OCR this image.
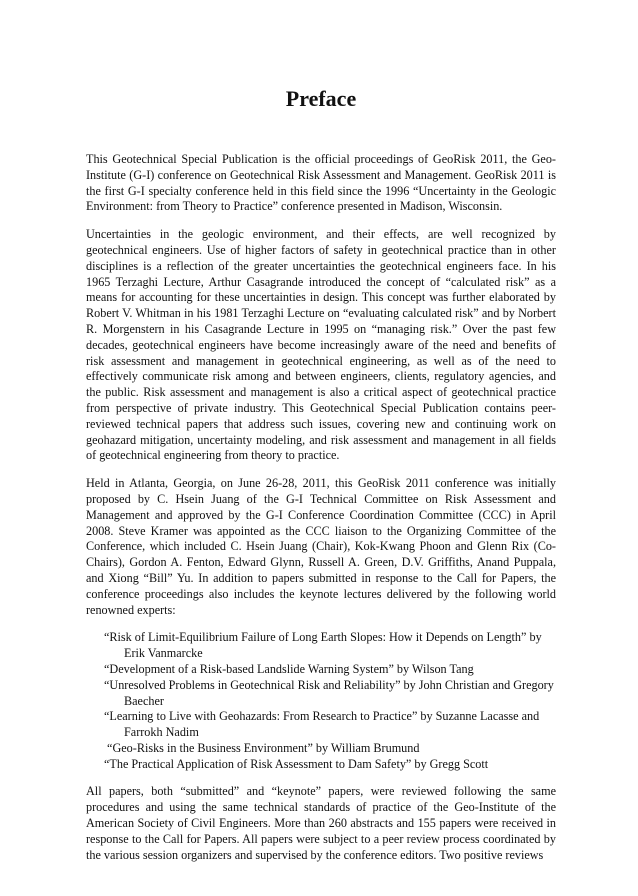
Preface

This Geotechnical Special Publication is the official proceedings of GeoRisk 2011, the Geo-Institute (G-I) conference on Geotechnical Risk Assessment and Management. GeoRisk 2011 is the first G-I specialty conference held in this field since the 1996 “Uncertainty in the Geologic Environment: from Theory to Practice” conference presented in Madison, Wisconsin.

Uncertainties in the geologic environment, and their effects, are well recognized by geotechnical engineers. Use of higher factors of safety in geotechnical practice than in other disciplines is a reflection of the greater uncertainties the geotechnical engineers face. In his 1965 Terzaghi Lecture, Arthur Casagrande introduced the concept of “calculated risk” as a means for accounting for these uncertainties in design. This concept was further elaborated by Robert V. Whitman in his 1981 Terzaghi Lecture on “evaluating calculated risk” and by Norbert R. Morgenstern in his Casagrande Lecture in 1995 on “managing risk.” Over the past few decades, geotechnical engineers have become increasingly aware of the need and benefits of risk assessment and management in geotechnical engineering, as well as of the need to effectively communicate risk among and between engineers, clients, regulatory agencies, and the public. Risk assessment and management is also a critical aspect of geotechnical practice from perspective of private industry. This Geotechnical Special Publication contains peer-reviewed technical papers that address such issues, covering new and continuing work on geohazard mitigation, uncertainty modeling, and risk assessment and management in all fields of geotechnical engineering from theory to practice.

Held in Atlanta, Georgia, on June 26-28, 2011, this GeoRisk 2011 conference was initially proposed by C. Hsein Juang of the G-I Technical Committee on Risk Assessment and Management and approved by the G-I Conference Coordination Committee (CCC) in April 2008. Steve Kramer was appointed as the CCC liaison to the Organizing Committee of the Conference, which included C. Hsein Juang (Chair), Kok-Kwang Phoon and Glenn Rix (Co-Chairs), Gordon A. Fenton, Edward Glynn, Russell A. Green, D.V. Griffiths, Anand Puppala, and Xiong “Bill” Yu. In addition to papers submitted in response to the Call for Papers, the conference proceedings also includes the keynote lectures delivered by the following world renowned experts:

“Risk of Limit-Equilibrium Failure of Long Earth Slopes: How it Depends on Length” by Erik Vanmarcke
“Development of a Risk-based Landslide Warning System” by Wilson Tang
“Unresolved Problems in Geotechnical Risk and Reliability” by John Christian and Gregory Baecher
“Learning to Live with Geohazards: From Research to Practice” by Suzanne Lacasse and Farrokh Nadim
“Geo-Risks in the Business Environment” by William Brumund
“The Practical Application of Risk Assessment to Dam Safety” by Gregg Scott

All papers, both “submitted” and “keynote” papers, were reviewed following the same procedures and using the same technical standards of practice of the Geo-Institute of the American Society of Civil Engineers. More than 260 abstracts and 155 papers were received in response to the Call for Papers. All papers were subject to a peer review process coordinated by the various session organizers and supervised by the conference editors. Two positive reviews
